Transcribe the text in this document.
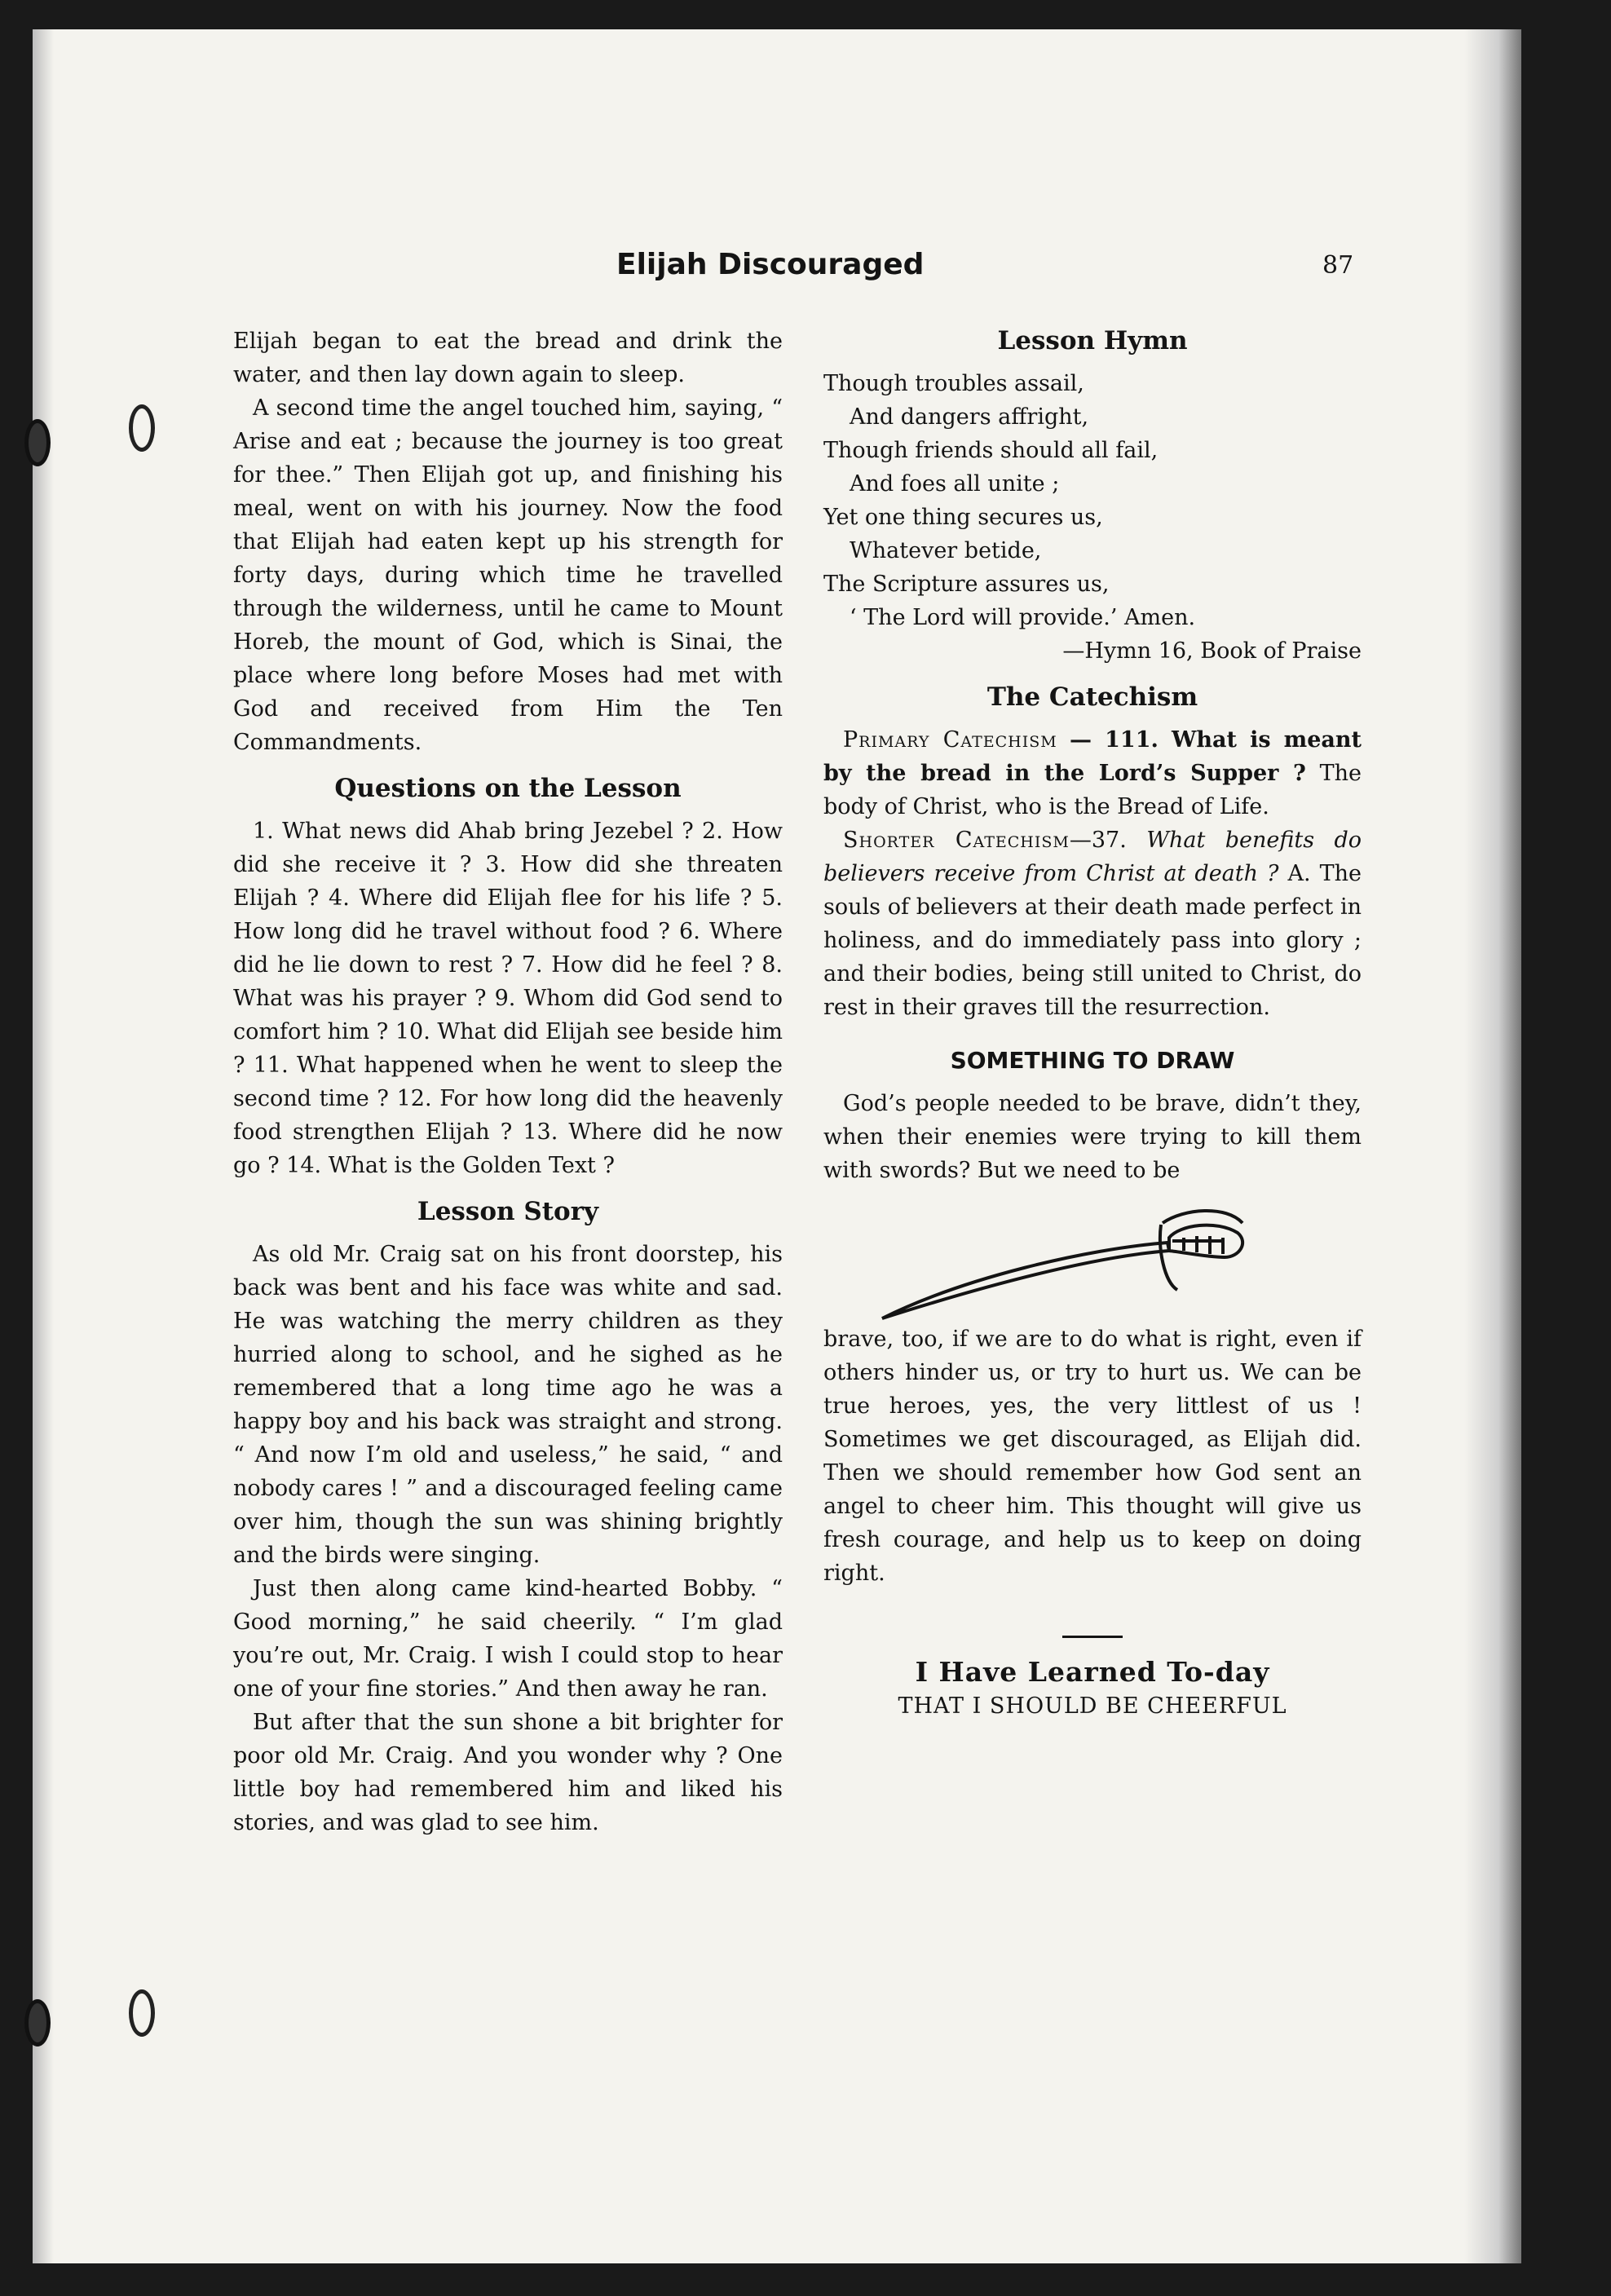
Elijah Discouraged	87

Elijah began to eat the bread and drink the water, and then lay down again to sleep.

A second time the angel touched him, saying, “ Arise and eat ; because the journey is too great for thee.” Then Elijah got up, and finishing his meal, went on with his journey. Now the food that Elijah had eaten kept up his strength for forty days, during which time he travelled through the wilderness, until he came to Mount Horeb, the mount of God, which is Sinai, the place where long before Moses had met with God and received from Him the Ten Commandments.

Questions on the Lesson

1. What news did Ahab bring Jezebel ? 2. How did she receive it ? 3. How did she threaten Elijah ? 4. Where did Elijah flee for his life ? 5. How long did he travel without food ? 6. Where did he lie down to rest ? 7. How did he feel ? 8. What was his prayer ? 9. Whom did God send to comfort him ? 10. What did Elijah see beside him ? 11. What happened when he went to sleep the second time ? 12. For how long did the heavenly food strengthen Elijah ? 13. Where did he now go ? 14. What is the Golden Text ?

Lesson Story

As old Mr. Craig sat on his front doorstep, his back was bent and his face was white and sad. He was watching the merry children as they hurried along to school, and he sighed as he remembered that a long time ago he was a happy boy and his back was straight and strong. “ And now I’m old and useless,” he said, “ and nobody cares ! ” and a discouraged feeling came over him, though the sun was shining brightly and the birds were singing.

Just then along came kind-hearted Bobby. “ Good morning,” he said cheerily. “ I’m glad you’re out, Mr. Craig. I wish I could stop to hear one of your fine stories.” And then away he ran.

But after that the sun shone a bit brighter for poor old Mr. Craig. And you wonder why ? One little boy had remembered him and liked his stories, and was glad to see him.

Lesson Hymn
Though troubles assail,
And dangers affright,
Though friends should all fail,
And foes all unite ;
Yet one thing secures us,
Whatever betide,
The Scripture assures us,
‘ The Lord will provide.’ Amen.
—Hymn 16, Book of Praise
The Catechism

Primary Catechism — 111. What is meant by the bread in the Lord’s Supper ? The body of Christ, who is the Bread of Life.

Shorter Catechism—37. What benefits do believers receive from Christ at death ? A. The souls of believers at their death made perfect in holiness, and do immediately pass into glory ; and their bodies, being still united to Christ, do rest in their graves till the resurrection.

SOMETHING TO DRAW

God’s people needed to be brave, didn’t they, when their enemies were trying to kill them with swords? But we need to be

brave, too, if we are to do what is right, even if others hinder us, or try to hurt us. We can be true heroes, yes, the very littlest of us ! Sometimes we get discouraged, as Elijah did. Then we should remember how God sent an angel to cheer him. This thought will give us fresh courage, and help us to keep on doing right.

I Have Learned To-day
THAT I SHOULD BE CHEERFUL
